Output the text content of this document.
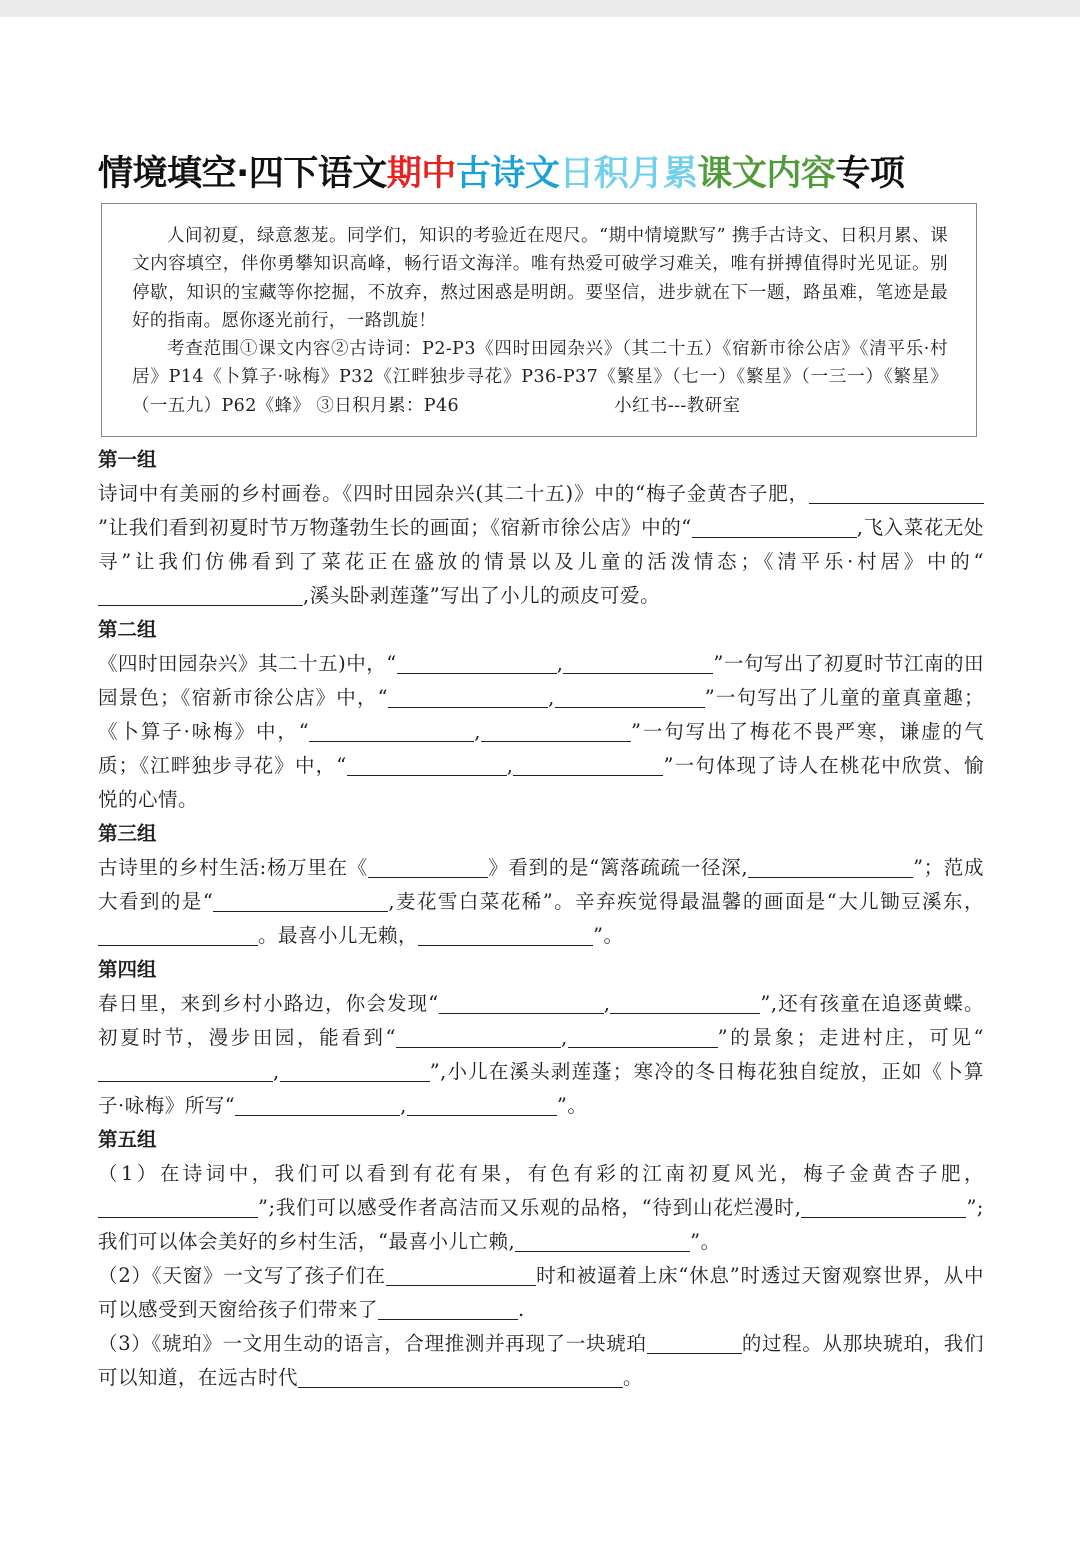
情境填空·四下语文期中古诗文日积月累课文内容专项

人间初夏，绿意葱茏。同学们，知识的考验近在咫尺。“期中情境默写” 携手古诗文、日积月累、课文内容填空，伴你勇攀知识高峰，畅行语文海洋。唯有热爱可破学习难关，唯有拼搏值得时光见证。别停歇，知识的宝藏等你挖掘，不放弃，熬过困惑是明朗。要坚信，进步就在下一题，路虽难，笔迹是最好的指南。愿你逐光前行，一路凯旋！

考查范围①课文内容②古诗词：P2-P3《四时田园杂兴》（其二十五）《宿新市徐公店》《清平乐·村居》P14《卜算子·咏梅》P32《江畔独步寻花》P36-P37《繁星》（七一）《繁星》（一三一）《繁星》 （一五九）P62《蜂》 ③日积月累：P46	小红书---教研室

第一组

诗词中有美丽的乡村画卷。《四时田园杂兴(其二十五)》中的“梅子金黄杏子肥，”让我们看到初夏时节万物蓬勃生长的画面；《宿新市徐公店》中的“	,飞入菜花无处寻”让我们仿佛看到了菜花正在盛放的情景以及儿童的活泼情态；《清平乐·村居》中的“,溪头卧剥莲蓬”写出了小儿的顽皮可爱。

第二组

《四时田园杂兴》其二十五)中，“	,	”一句写出了初夏时节江南的田园景色；《宿新市徐公店》中，“	,	”一句写出了儿童的童真童趣；《卜算子·咏梅》中，“	,	”一句写出了梅花不畏严寒，谦虚的气质；《江畔独步寻花》中，“	,	”一句体现了诗人在桃花中欣赏、愉悦的心情。

第三组

古诗里的乡村生活:杨万里在《	》看到的是“篱落疏疏一径深,	”；范成大看到的是“	,麦花雪白菜花稀”。辛弃疾觉得最温馨的画面是“大儿锄豆溪东，。最喜小儿无赖，	”。

第四组

春日里，来到乡村小路边，你会发现“	,	”,还有孩童在追逐黄蝶。初夏时节，漫步田园，能看到“	,	”的景象；走进村庄，可见“,	”,小儿在溪头剥莲蓬；寒冷的冬日梅花独自绽放，正如《卜算子·咏梅》所写“	,	”。

第五组

（1）在诗词中，我们可以看到有花有果，有色有彩的江南初夏风光，梅子金黄杏子肥，”;我们可以感受作者高洁而又乐观的品格，“待到山花烂漫时,	”;我们可以体会美好的乡村生活，“最喜小儿亡赖,	”。

（2）《天窗》一文写了孩子们在	时和被逼着上床“休息”时透过天窗观察世界，从中可以感受到天窗给孩子们带来了	.

（3）《琥珀》一文用生动的语言，合理推测并再现了一块琥珀	的过程。从那块琥珀，我们可以知道，在远古时代	。
